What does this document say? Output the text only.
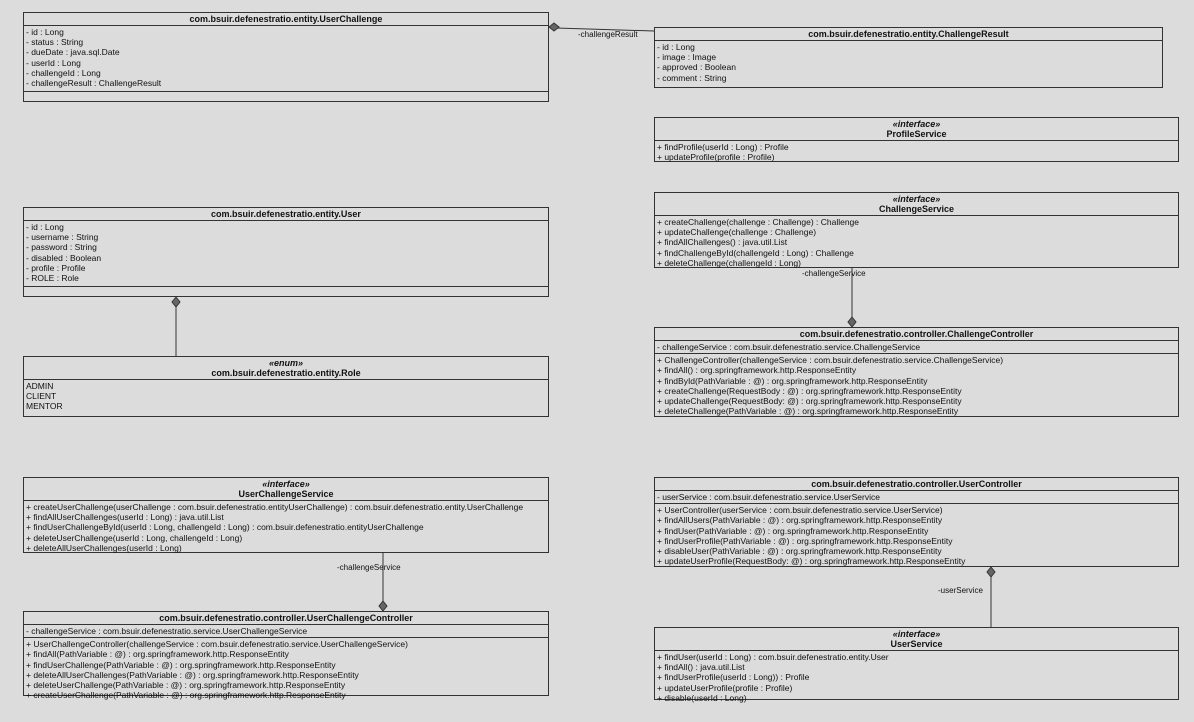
-challengeResult
-challengeService
-challengeService
-userService
com.bsuir.defenestratio.entity.UserChallenge
- id : Long
- status : String
- dueDate : java.sql.Date
- userId : Long
- challengeId : Long
- challengeResult : ChallengeResult
com.bsuir.defenestratio.entity.ChallengeResult
- id : Long
- image : Image
- approved : Boolean
- comment : String
«interface»
ProfileService
+ findProfile(userId : Long) : Profile
+ updateProfile(profile : Profile)
«interface»
ChallengeService
+ createChallenge(challenge : Challenge) : Challenge
+ updateChallenge(challenge : Challenge)
+ findAllChallenges() : java.util.List
+ findChallengeById(challengeId : Long) : Challenge
+ deleteChallenge(challengeId : Long)
com.bsuir.defenestratio.entity.User
- id : Long
- username : String
- password : String
- disabled : Boolean
- profile : Profile
- ROLE : Role
«enum»
com.bsuir.defenestratio.entity.Role
ADMIN
CLIENT
MENTOR
com.bsuir.defenestratio.controller.ChallengeController
- challengeService : com.bsuir.defenestratio.service.ChallengeService
+ ChallengeController(challengeService : com.bsuir.defenestratio.service.ChallengeService)
+ findAll() : org.springframework.http.ResponseEntity
+ findById(PathVariable : @) : org.springframework.http.ResponseEntity
+ createChallenge(RequestBody : @) : org.springframework.http.ResponseEntity
+ updateChallenge(RequestBody: @) : org.springframework.http.ResponseEntity
+ deleteChallenge(PathVariable : @) : org.springframework.http.ResponseEntity
«interface»
UserChallengeService
+ createUserChallenge(userChallenge : com.bsuir.defenestratio.entityUserChallenge) : com.bsuir.defenestratio.entity.UserChallenge
+ findAllUserChallenges(userId : Long) : java.util.List
+ findUserChallengeById(userId : Long, challengeId : Long) : com.bsuir.defenestratio.entityUserChallenge
+ deleteUserChallenge(userId : Long, challengeId : Long)
+ deleteAllUserChallenges(userId : Long)
com.bsuir.defenestratio.controller.UserController
- userService : com.bsuir.defenestratio.service.UserService
+ UserController(userService : com.bsuir.defenestratio.service.UserService)
+ findAllUsers(PathVariable : @) : org.springframework.http.ResponseEntity
+ findUser(PathVariable : @) : org.springframework.http.ResponseEntity
+ findUserProfile(PathVariable : @) : org.springframework.http.ResponseEntity
+ disableUser(PathVariable : @) : org.springframework.http.ResponseEntity
+ updateUserProfile(RequestBody: @) : org.springframework.http.ResponseEntity
com.bsuir.defenestratio.controller.UserChallengeController
- challengeService : com.bsuir.defenestratio.service.UserChallengeService
+ UserChallengeController(challengeService : com.bsuir.defenestratio.service.UserChallengeService)
+ findAll(PathVariable : @) : org.springframework.http.ResponseEntity
+ findUserChallenge(PathVariable : @) : org.springframework.http.ResponseEntity
+ deleteAllUserChallenges(PathVariable : @) : org.springframework.http.ResponseEntity
+ deleteUserChallenge(PathVariable : @) : org.springframework.http.ResponseEntity
+ createUserChallenge(PathVariable : @) : org.springframework.http.ResponseEntity
«interface»
UserService
+ findUser(userId : Long) : com.bsuir.defenestratio.entity.User
+ findAll() : java.util.List
+ findUserProfile(userId : Long)) : Profile
+ updateUserProfile(profile : Profile)
+ disable(userId : Long)
